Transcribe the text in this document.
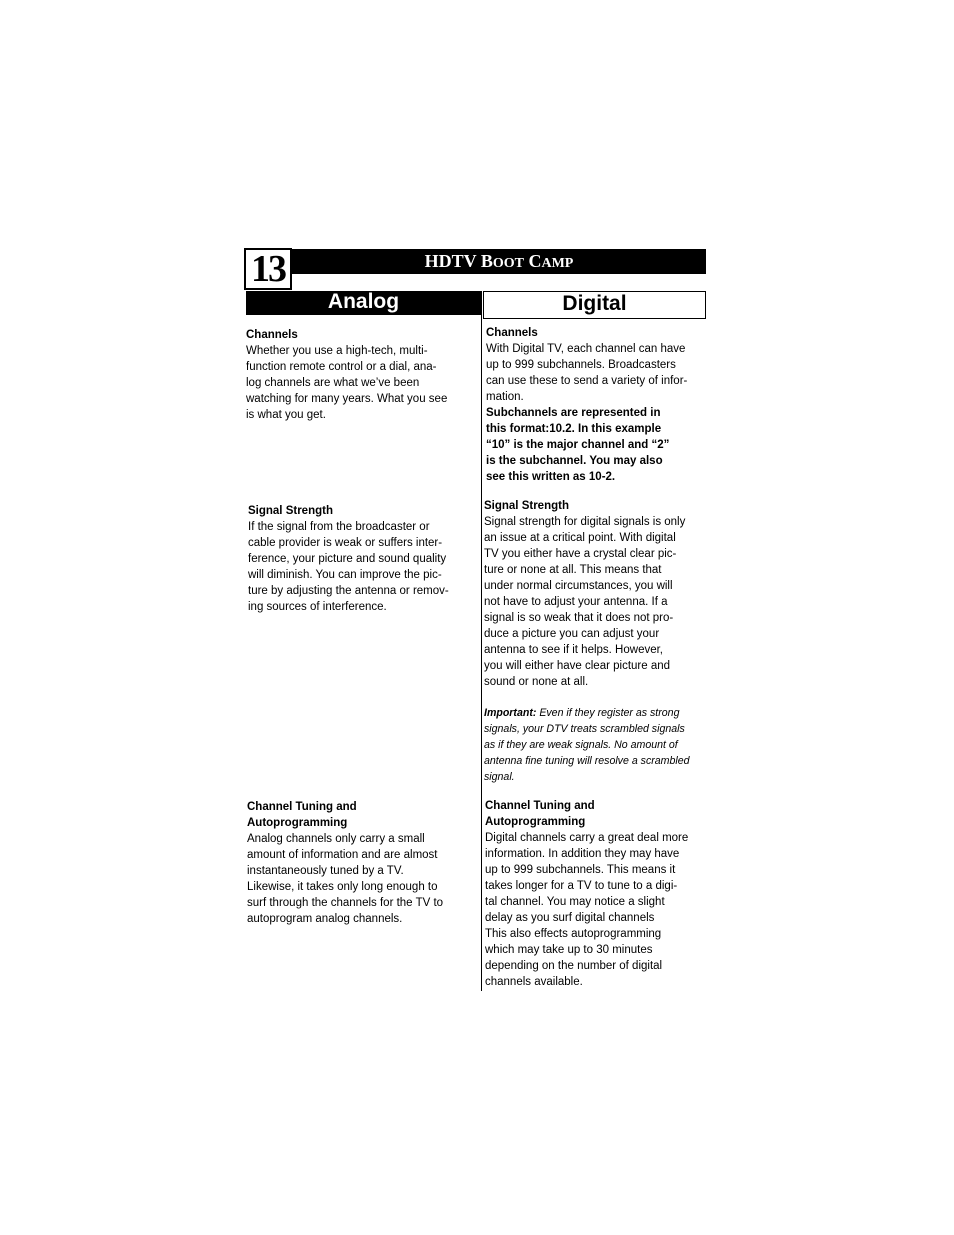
13	HDTV BOOT CAMP
Analog	Digital

Channels

Whether you use a high-tech, multi-

function remote control or a dial, ana-

log channels are what we’ve been

watching for many years. What you see

is what you get.

Signal Strength

If the signal from the broadcaster or

cable provider is weak or suffers inter-

ference, your picture and sound quality

will diminish. You can improve the pic-

ture by adjusting the antenna or remov-

ing sources of interference.

Channel Tuning and

Autoprogramming

Analog channels only carry a small

amount of information and are almost

instantaneously tuned by a TV.

Likewise, it takes only long enough to

surf through the channels for the TV to

autoprogram analog channels.

Channels

With Digital TV, each channel can have

up to 999 subchannels. Broadcasters

can use these to send a variety of infor-

mation.

Subchannels are represented in

this format:10.2. In this example

“10” is the major channel and “2”

is the subchannel. You may also

see this written as 10-2.

Signal Strength

Signal strength for digital signals is only

an issue at a critical point. With digital

TV you either have a crystal clear pic-

ture or none at all. This means that

under normal circumstances, you will

not have to adjust your antenna. If a

signal is so weak that it does not pro-

duce a picture you can adjust your

antenna to see if it helps. However,

you will either have clear picture and

sound or none at all.

Important: Even if they register as strong

signals, your DTV treats scrambled signals

as if they are weak signals. No amount of

antenna fine tuning will resolve a scrambled

signal.

Channel Tuning and

Autoprogramming

Digital channels carry a great deal more

information. In addition they may have

up to 999 subchannels. This means it

takes longer for a TV to tune to a digi-

tal channel. You may notice a slight

delay as you surf digital channels

This also effects autoprogramming

which may take up to 30 minutes

depending on the number of digital

channels available.
